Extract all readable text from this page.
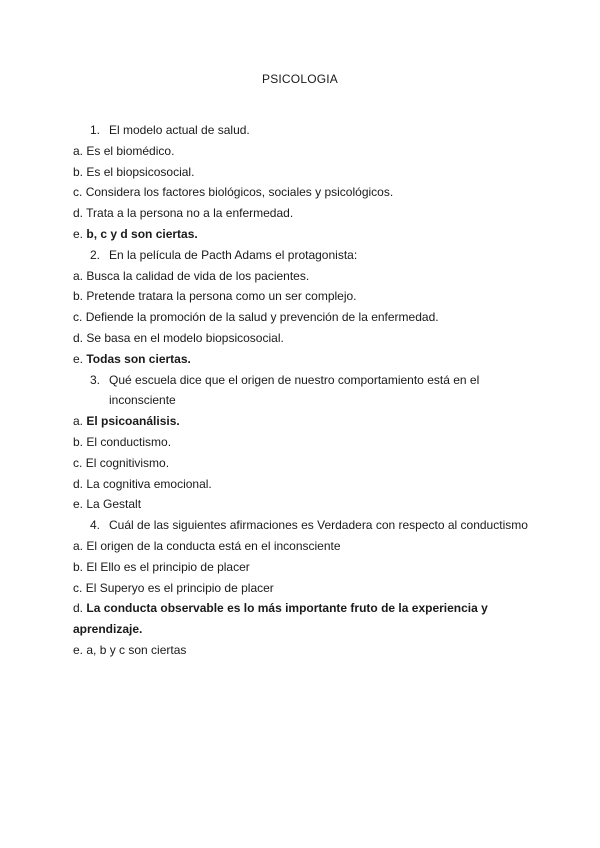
PSICOLOGIA
1. El modelo actual de salud.
a. Es el biomédico.
b. Es el biopsicosocial.
c. Considera los factores biológicos, sociales y psicológicos.
d. Trata a la persona no a la enfermedad.
e. b, c y d son ciertas.
2. En la película de Pacth Adams el protagonista:
a. Busca la calidad de vida de los pacientes.
b. Pretende tratara la persona como un ser complejo.
c. Defiende la promoción de la salud y prevención de la enfermedad.
d. Se basa en el modelo biopsicosocial.
e. Todas son ciertas.
3. Qué escuela dice que el origen de nuestro comportamiento está en el inconsciente
a. El psicoanálisis.
b. El conductismo.
c. El cognitivismo.
d. La cognitiva emocional.
e. La Gestalt
4. Cuál de las siguientes afirmaciones es Verdadera con respecto al conductismo
a. El origen de la conducta está en el inconsciente
b. El Ello es el principio de placer
c. El Superyo es el principio de placer
d. La conducta observable es lo más importante fruto de la experiencia y aprendizaje.
e. a, b y c son ciertas
